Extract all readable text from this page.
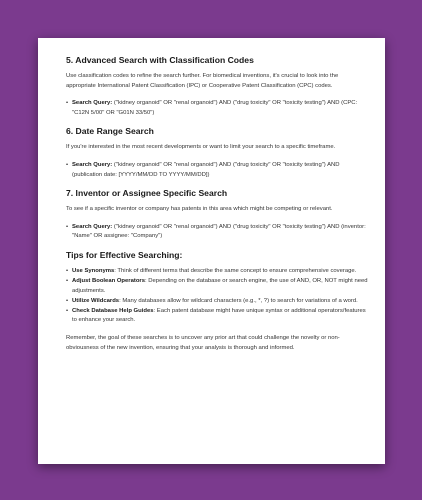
5. Advanced Search with Classification Codes

Use classification codes to refine the search further. For biomedical inventions, it's crucial to look into the appropriate International Patent Classification (IPC) or Cooperative Patent Classification (CPC) codes.

• Search Query: ("kidney organoid" OR "renal organoid") AND ("drug toxicity" OR "toxicity testing") AND (CPC: "C12N 5/00" OR "G01N 33/50")
6. Date Range Search

If you're interested in the most recent developments or want to limit your search to a specific timeframe.

• Search Query: ("kidney organoid" OR "renal organoid") AND ("drug toxicity" OR "toxicity testing") AND (publication date: [YYYY/MM/DD TO YYYY/MM/DD])
7. Inventor or Assignee Specific Search

To see if a specific inventor or company has patents in this area which might be competing or relevant.

• Search Query: ("kidney organoid" OR "renal organoid") AND ("drug toxicity" OR "toxicity testing") AND (inventor: "Name" OR assignee: "Company")
Tips for Effective Searching:
• Use Synonyms: Think of different terms that describe the same concept to ensure comprehensive coverage.
• Adjust Boolean Operators: Depending on the database or search engine, the use of AND, OR, NOT might need adjustments.
• Utilize Wildcards: Many databases allow for wildcard characters (e.g., *, ?) to search for variations of a word.
• Check Database Help Guides: Each patent database might have unique syntax or additional operators/features to enhance your search.

Remember, the goal of these searches is to uncover any prior art that could challenge the novelty or non-obviousness of the new invention, ensuring that your analysis is thorough and informed.
